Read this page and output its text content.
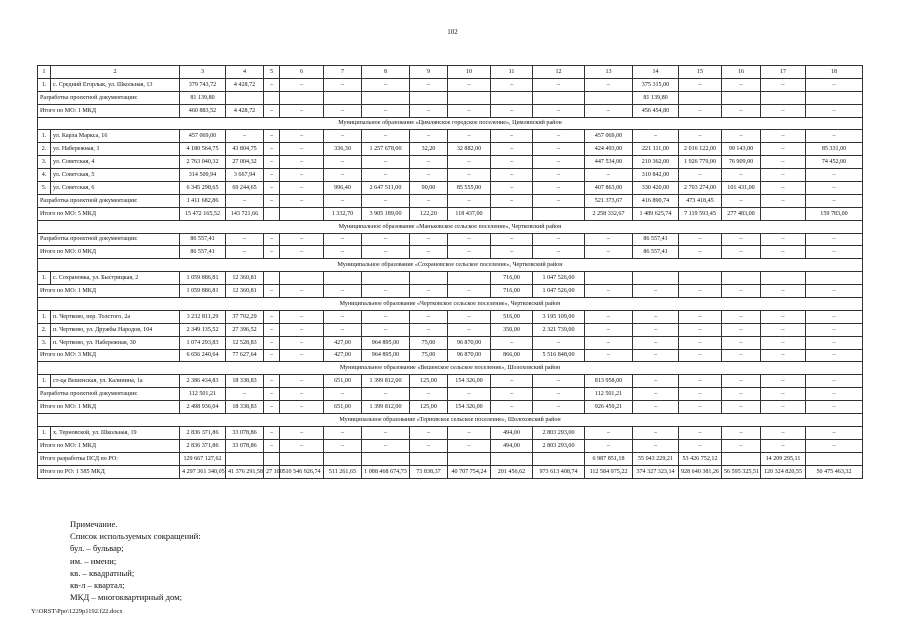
102
1	2	3	4	5	6	7	8	9	10	11	12	13	14	15	16	17	18
1.	с. Средний Егорлык, ул. Школьная, 13	379 743,72	4 428,72	–	–	–	–	–	–	–	–	–	375 315,00	–	–	–	–
Разработка проектной документации:		81 139,80											81 139,80				
Итого по МО: 1 МКД		460 883,52	4 428,72	–	–	–	–	–	–	–	–	–	456 454,80	–	–	–	–
Муниципальное образование «Цимлянское городское поселение», Цимлянский район																	
1.	ул. Карла Маркса, 16	457 069,00	–	–	–	–	–	–	–	–	–	457 069,00	–	–	–	–	–
2.	ул. Набережная, 1	4 180 564,75	43 804,75	–	–	336,30	1 257 678,00	32,20	32 882,00	–	–	424 493,00	221 111,00	2 016 122,00	99 143,00	–	85 331,00
3.	ул. Советская, 4	2 763 040,32	27 004,32	–	–	–	–	–	–	–	–	447 534,00	210 362,00	1 926 779,00	76 909,00	–	74 452,00
4.	ул. Советская, 5	314 509,94	3 667,94	–	–	–	–	–	–	–	–	–	310 842,00	–	–	–	–
5.	ул. Советская, 6	6 345 298,65	69 244,65	–	–	996,40	2 647 511,00	90,00	85 555,00	–	–	407 863,00	330 420,00	2 703 274,00	101 431,00	–	–
Разработка проектной документации:		1 411 682,86	–	–	–	–	–	–	–	–	–	521 373,67	416 890,74	473 418,45	–	–	–
Итого по МО: 5 МКД		15 472 165,52	143 721,66			1 332,70	3 905 189,00	122,20	118 437,00			2 258 332,67	1 489 625,74	7 119 593,45	277 483,00		159 783,00
Муниципальное образование «Маньковское сельское поселение», Чертковский район																	
Разработка проектной документации:		86 557,41	–	–	–	–	–	–	–	–	–	–	86 557,41	–	–	–	–
Итого по МО: 0 МКД		86 557,41	–	–	–	–	–	–	–	–	–	–	86 557,41	–	–	–	–
Муниципальное образование «Сохрановское сельское поселение», Чертковский район																	
1.	с. Сохрановка, ул. Быстрицкая, 2	1 059 886,81	12 360,81							716,00	1 047 526,00						
Итого по МО: 1 МКД		1 059 886,81	12 360,81	–	–	–	–	–	–	716,00	1 047 526,00	–	–	–	–	–	–
Муниципальное образование «Чертковское сельское поселение», Чертковский район																	
1.	п. Чертково, пер. Толстого, 2а	3 232 811,29	37 702,29	–	–	–	–	–	–	516,00	3 195 109,00	–	–	–	–	–	–
2.	п. Чертково, ул. Дружбы Народов, 104	2 349 135,52	27 396,52	–	–	–	–	–	–	350,00	2 321 739,00	–	–	–	–	–	–
3.	п. Чертково, ул. Набережная, 30	1 074 293,83	12 528,83	–	–	427,00	964 895,00	75,00	96 870,00	–	–	–	–	–	–	–	–
Итого по МО: 3 МКД		6 656 240,64	77 627,64	–	–	427,00	964 895,00	75,00	96 870,00	866,00	5 516 848,00	–	–	–	–	–	–
Муниципальное образование «Вешенское сельское поселение», Шолоховский район																	
1.	ст-ца Вешенская, ул. Калинина, 1а	2 386 434,83	18 338,83	–	–	651,00	1 399 812,00	125,00	154 326,00	–	–	813 958,00	–	–	–	–	–
Разработка проектной документации:		112 501,21	–	–	–	–	–	–	–	–	–	112 501,21	–	–	–	–	–
Итого по МО: 1 МКД		2 498 936,04	18 338,83	–	–	651,00	1 399 812,00	125,00	154 326,00	–	–	926 459,21	–	–	–	–	–
Муниципальное образование «Терновское сельское поселение», Шолоховский район																	
1.	х. Терновской, ул. Школьная, 19	2 836 371,86	33 078,86	–	–	–	–	–	–	494,00	2 803 293,00	–	–	–	–	–	–
Итого по МО: 1 МКД		2 836 371,86	33 078,86	–	–	–	–	–	–	494,00	2 803 293,00	–	–	–	–	–	–
Итого разработка ПСД по РО:		129 667 127,62										6 987 851,18	55 043 229,21	53 426 752,12		14 209 295,11	
Итого по РО: 1 585 МКД		4 297 361 340,05	41 376 291,58	27 100	510 546 926,74	511 261,65	1 088 468 674,73	73 838,37	40 707 754,24	201 456,62	973 613 408,74	112 584 975,22	374 327 323,14	928 640 381,26	56 595 325,51	120 324 820,55	50 475 463,32
Примечание.
Список используемых сокращений:
бул. – бульвар;
им. – имени;
кв. – квадратный;
кв-л – квартал;
МКД – многоквартирный дом;
Y:\ORST\Ppo\1229p1192.f22.docx
